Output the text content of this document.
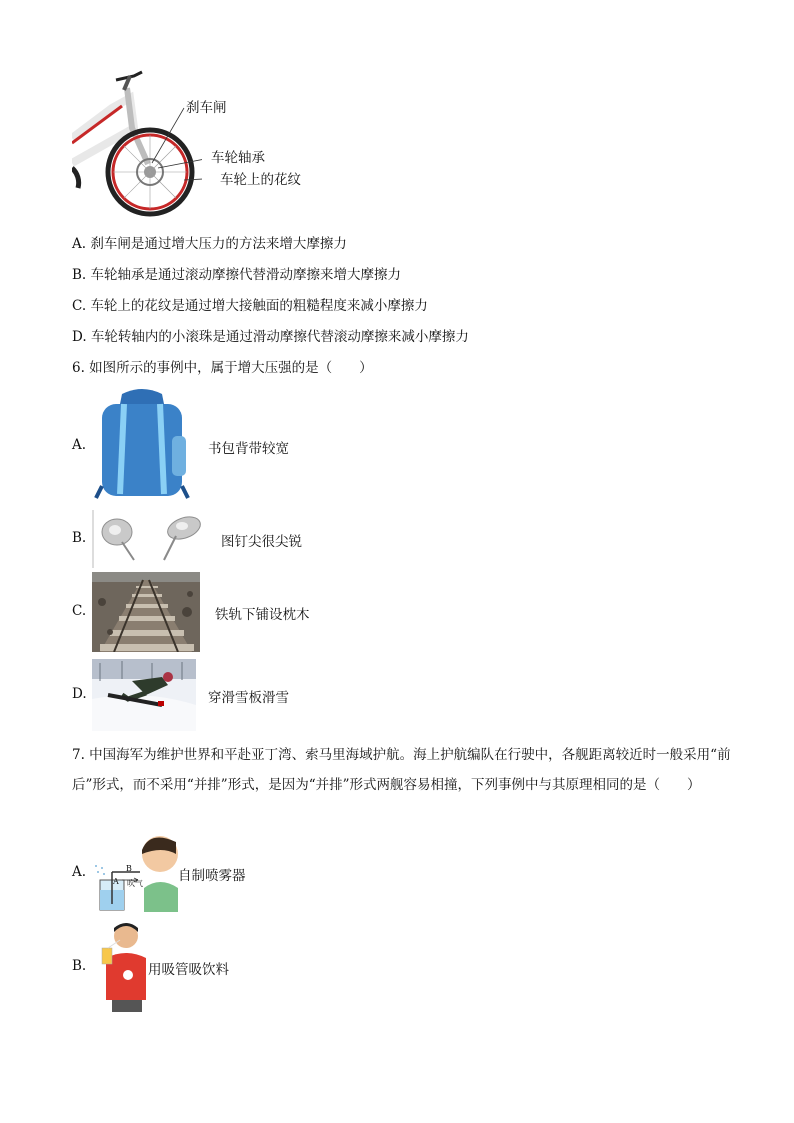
刹车闸
车轮轴承
车轮上的花纹
A. 刹车闸是通过增大压力的方法来增大摩擦力
B. 车轮轴承是通过滚动摩擦代替滑动摩擦来增大摩擦力
C. 车轮上的花纹是通过增大接触面的粗糙程度来减小摩擦力
D. 车轮转轴内的小滚珠是通过滑动摩擦代替滚动摩擦来减小摩擦力
6. 如图所示的事例中，属于增大压强的是（　　）
A.	书包背带较宽
B.	图钉尖很尖锐
C.	铁轨下铺设枕木
D.	穿滑雪板滑雪
7. 中国海军为维护世界和平赴亚丁湾、索马里海域护航。海上护航编队在行驶中，各舰距离较近时一般采用“前后”形式，而不采用“并排”形式，是因为“并排”形式两舰容易相撞，下列事例中与其原理相同的是（　　）
A.
A
B
吹气	自制喷雾器
B.	用吸管吸饮料
